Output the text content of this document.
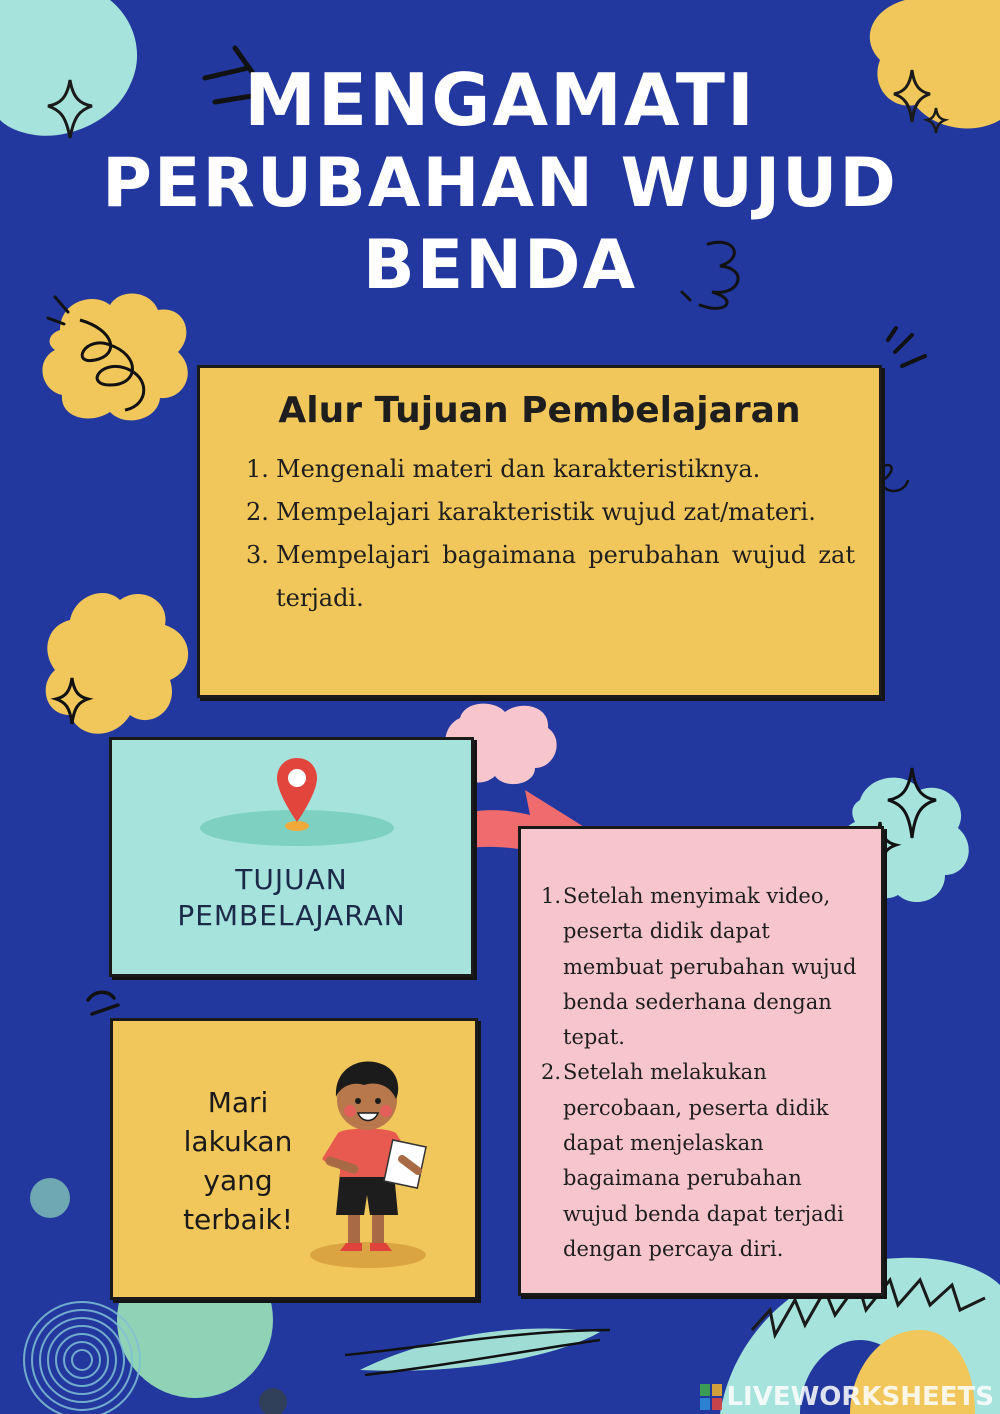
MENGAMATI
PERUBAHAN WUJUD
BENDA
Alur Tujuan Pembelajaran
1. Mengenali materi dan karakteristiknya.
2. Mempelajari karakteristik wujud zat/materi.
3. Mempelajari bagaimana perubahan wujud zat terjadi.
TUJUAN
PEMBELAJARAN
1. Setelah menyimak video, peserta didik dapat membuat perubahan wujud benda sederhana dengan tepat.
2. Setelah melakukan percobaan, peserta didik dapat menjelaskan bagaimana perubahan wujud benda dapat terjadi dengan percaya diri.
Mari
lakukan
yang
terbaik!
LIVEWORKSHEETS
